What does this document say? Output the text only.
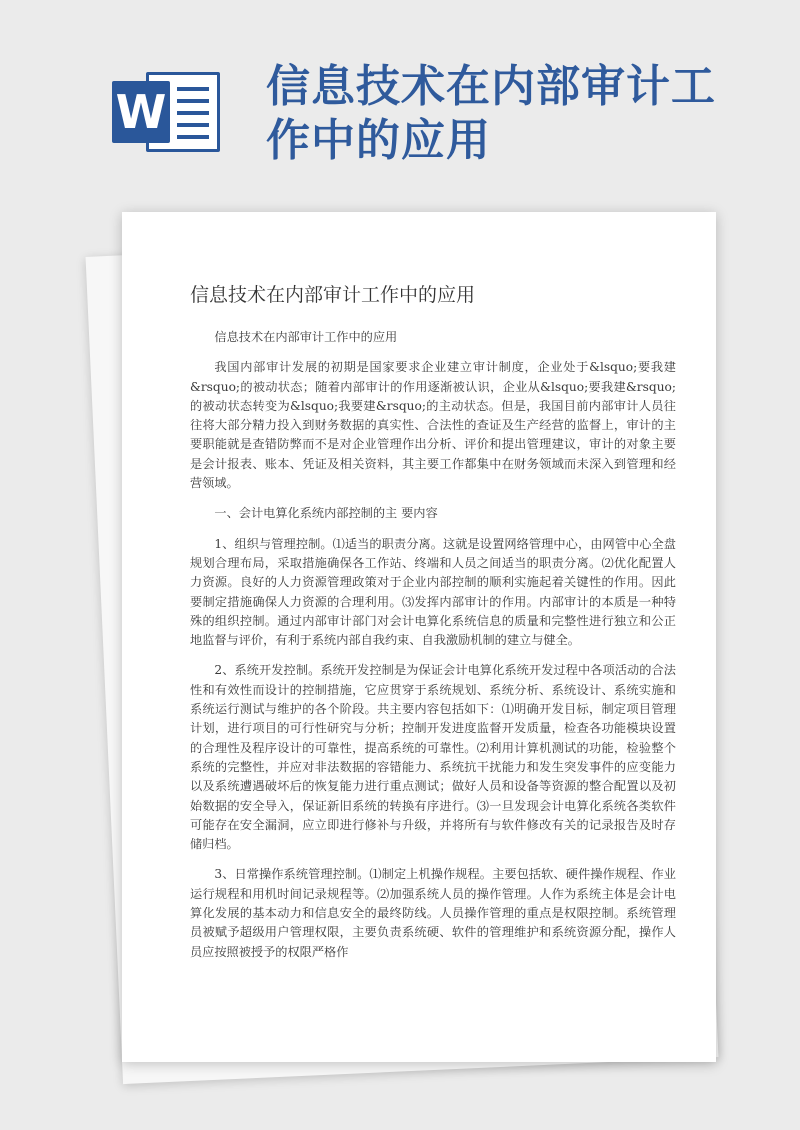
W 信息技术在内部审计工作中的应用
信息技术在内部审计工作中的应用

信息技术在内部审计工作中的应用

我国内部审计发展的初期是国家要求企业建立审计制度，企业处于&lsquo;要我建&rsquo;的被动状态；随着内部审计的作用逐渐被认识，企业从&lsquo;要我建&rsquo;的被动状态转变为&lsquo;我要建&rsquo;的主动状态。但是，我国目前内部审计人员往往将大部分精力投入到财务数据的真实性、合法性的查证及生产经营的监督上，审计的主要职能就是查错防弊而不是对企业管理作出分析、评价和提出管理建议，审计的对象主要是会计报表、账本、凭证及相关资料，其主要工作都集中在财务领域而未深入到管理和经营领域。

一、会计电算化系统内部控制的主 要内容

1、组织与管理控制。⑴适当的职责分离。这就是设置网络管理中心，由网管中心全盘规划合理布局，采取措施确保各工作站、终端和人员之间适当的职责分离。⑵优化配置人力资源。良好的人力资源管理政策对于企业内部控制的顺利实施起着关键性的作用。因此要制定措施确保人力资源的合理利用。⑶发挥内部审计的作用。内部审计的本质是一种特殊的组织控制。通过内部审计部门对会计电算化系统信息的质量和完整性进行独立和公正地监督与评价，有利于系统内部自我约束、自我激励机制的建立与健全。

2、系统开发控制。系统开发控制是为保证会计电算化系统开发过程中各项活动的合法性和有效性而设计的控制措施，它应贯穿于系统规划、系统分析、系统设计、系统实施和系统运行测试与维护的各个阶段。共主要内容包括如下：⑴明确开发目标，制定项目管理计划，进行项目的可行性研究与分析；控制开发进度监督开发质量，检查各功能模块设置的合理性及程序设计的可靠性，提高系统的可靠性。⑵利用计算机测试的功能，检验整个系统的完整性，并应对非法数据的容错能力、系统抗干扰能力和发生突发事件的应变能力以及系统遭遇破坏后的恢复能力进行重点测试；做好人员和设备等资源的整合配置以及初始数据的安全导入，保证新旧系统的转换有序进行。⑶一旦发现会计电算化系统各类软件可能存在安全漏洞，应立即进行修补与升级，并将所有与软件修改有关的记录报告及时存储归档。

3、日常操作系统管理控制。⑴制定上机操作规程。主要包括软、硬件操作规程、作业运行规程和用机时间记录规程等。⑵加强系统人员的操作管理。人作为系统主体是会计电算化发展的基本动力和信息安全的最终防线。人员操作管理的重点是权限控制。系统管理员被赋予超级用户管理权限，主要负责系统硬、软件的管理维护和系统资源分配，操作人员应按照被授予的权限严格作
